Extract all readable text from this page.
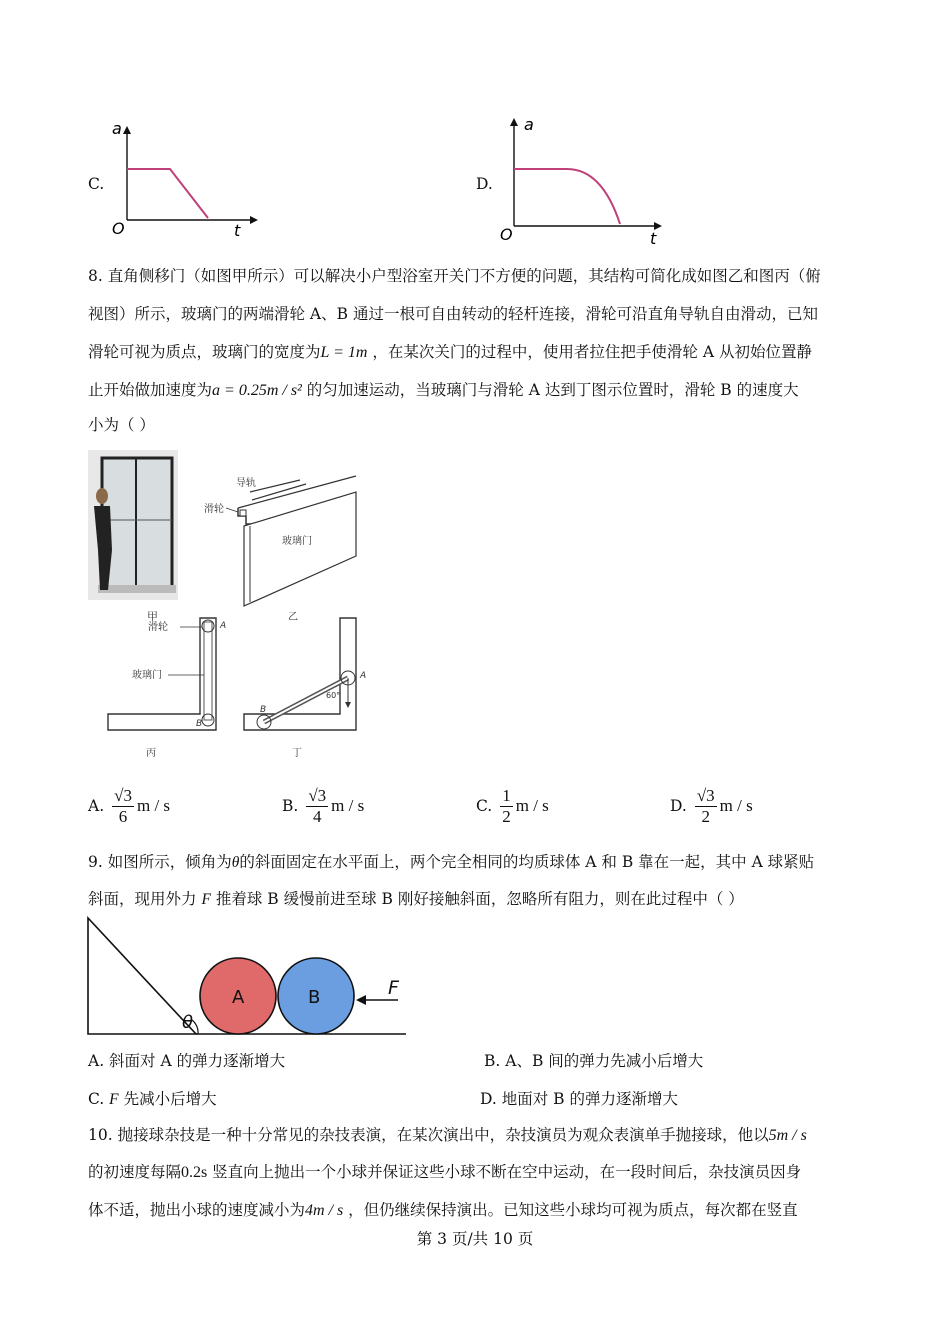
C.
a
t
O
D.
a
t
O
8. 直角侧移门（如图甲所示）可以解决小户型浴室开关门不方便的问题，其结构可简化成如图乙和图丙（俯
视图）所示，玻璃门的两端滑轮 A、B 通过一根可自由转动的轻杆连接，滑轮可沿直角导轨自由滑动，已知
滑轮可视为质点，玻璃门的宽度为L = 1m ，在某次关门的过程中，使用者拉住把手使滑轮 A 从初始位置静
止开始做加速度为a = 0.25m / s² 的匀加速运动，当玻璃门与滑轮 A 达到丁图示位置时，滑轮 B 的速度大
小为（ ）
导轨
滑轮
玻璃门
乙
甲
A
B
滑轮
玻璃门
丙
A
B
60°
丁
A. $\frac{√3}{6}$ m / s	B. $\frac{√3}{4}$ m / s	C. $\frac{1}{2}$ m / s	D. $\frac{√3}{2}$ m / s
9. 如图所示，倾角为θ的斜面固定在水平面上，两个完全相同的均质球体 A 和 B 靠在一起，其中 A 球紧贴
斜面，现用外力 F 推着球 B 缓慢前进至球 B 刚好接触斜面，忽略所有阻力，则在此过程中（ ）
A	B	F
θ
A. 斜面对 A 的弹力逐渐增大	B. A、B 间的弹力先减小后增大
C. F 先减小后增大	D. 地面对 B 的弹力逐渐增大
10. 抛接球杂技是一种十分常见的杂技表演，在某次演出中，杂技演员为观众表演单手抛接球，他以5m / s
的初速度每隔0.2s 竖直向上抛出一个小球并保证这些小球不断在空中运动，在一段时间后，杂技演员因身
体不适，抛出小球的速度减小为4m / s ，但仍继续保持演出。已知这些小球均可视为质点，每次都在竖直
第 3 页/共 10 页
